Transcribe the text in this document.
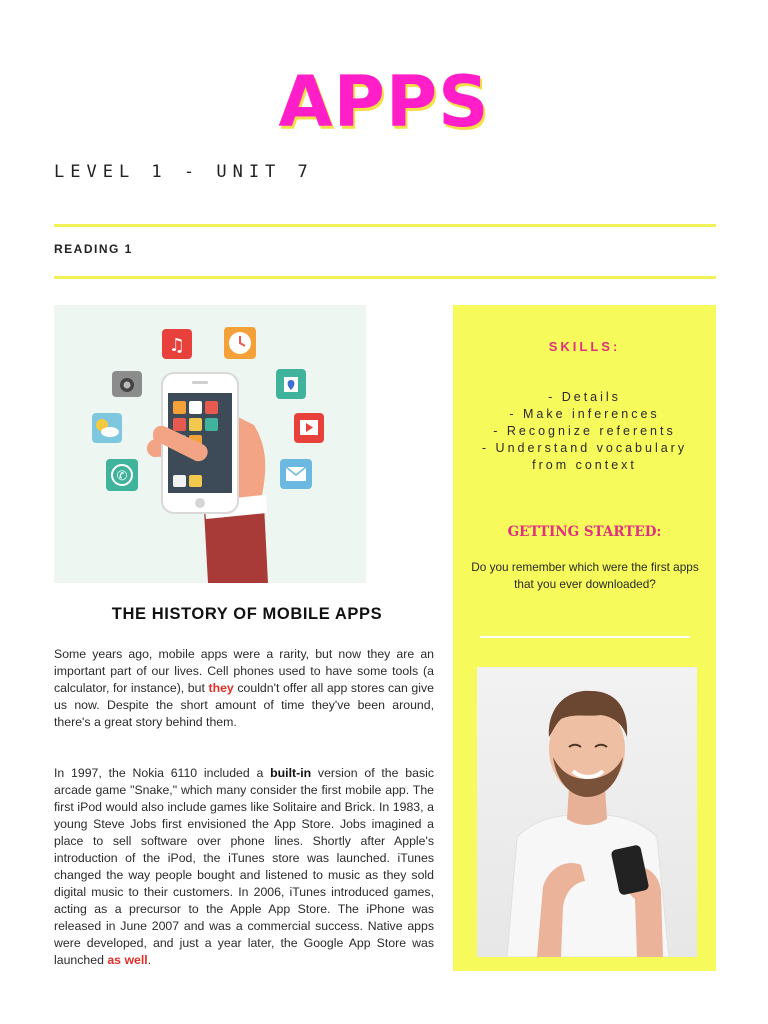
APPS
LEVEL 1 - UNIT 7
READING 1
♫
✆
THE HISTORY OF MOBILE APPS

Some years ago, mobile apps were a rarity, but now they are an important part of our lives. Cell phones used to have some tools (a calculator, for instance), but they couldn't offer all app stores can give us now. Despite the short amount of time they've been around, there's a great story behind them.

In 1997, the Nokia 6110 included a built-in version of the basic arcade game "Snake," which many consider the first mobile app. The first iPod would also include games like Solitaire and Brick. In 1983, a young Steve Jobs first envisioned the App Store. Jobs imagined a place to sell software over phone lines. Shortly after Apple's introduction of the iPod, the iTunes store was launched. iTunes changed the way people bought and listened to music as they sold digital music to their customers. In 2006, iTunes introduced games, acting as a precursor to the Apple App Store. The iPhone was released in June 2007 and was a commercial success. Native apps were developed, and just a year later, the Google App Store was launched as well.

SKILLS:
- Details
- Make inferences
- Recognize referents
- Understand vocabulary
from context
GETTING STARTED:
Do you remember which were the first apps that you ever downloaded?
